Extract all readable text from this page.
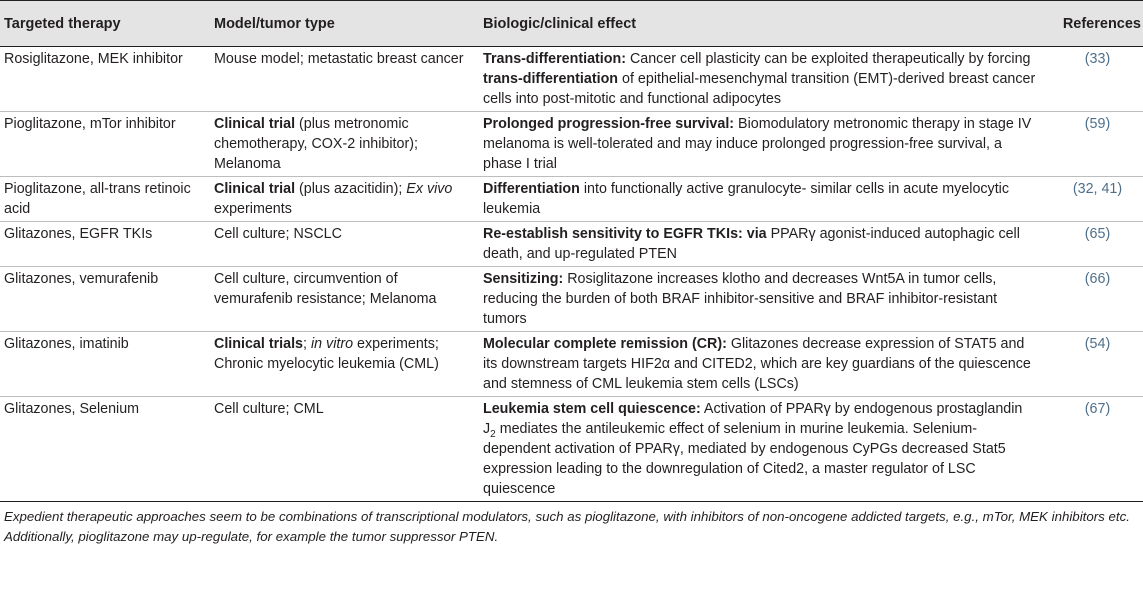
Targeted therapy	Model/tumor type	Biologic/clinical effect	References
Rosiglitazone, MEK inhibitor	Mouse model; metastatic breast cancer	Trans-differentiation: Cancer cell plasticity can be exploited therapeutically by forcing trans-differentiation of epithelial-mesenchymal transition (EMT)-derived breast cancer cells into post-mitotic and functional adipocytes	(33)
Pioglitazone, mTor inhibitor	Clinical trial (plus metronomic chemotherapy, COX-2 inhibitor); Melanoma	Prolonged progression-free survival: Biomodulatory metronomic therapy in stage IV melanoma is well-tolerated and may induce prolonged progression-free survival, a phase I trial	(59)
Pioglitazone, all-trans retinoic acid	Clinical trial (plus azacitidin); Ex vivo experiments	Differentiation into functionally active granulocyte- similar cells in acute myelocytic leukemia	(32, 41)
Glitazones, EGFR TKIs	Cell culture; NSCLC	Re-establish sensitivity to EGFR TKIs: via PPARγ agonist-induced autophagic cell death, and up-regulated PTEN	(65)
Glitazones, vemurafenib	Cell culture, circumvention of vemurafenib resistance; Melanoma	Sensitizing: Rosiglitazone increases klotho and decreases Wnt5A in tumor cells, reducing the burden of both BRAF inhibitor-sensitive and BRAF inhibitor-resistant tumors	(66)
Glitazones, imatinib	Clinical trials; in vitro experiments; Chronic myelocytic leukemia (CML)	Molecular complete remission (CR): Glitazones decrease expression of STAT5 and its downstream targets HIF2α and CITED2, which are key guardians of the quiescence and stemness of CML leukemia stem cells (LSCs)	(54)
Glitazones, Selenium	Cell culture; CML	Leukemia stem cell quiescence: Activation of PPARγ by endogenous prostaglandin $J_2$ mediates the antileukemic effect of selenium in murine leukemia. Selenium-dependent activation of PPARγ, mediated by endogenous CyPGs decreased Stat5 expression leading to the downregulation of Cited2, a master regulator of LSC quiescence	(67)
Expedient therapeutic approaches seem to be combinations of transcriptional modulators, such as pioglitazone, with inhibitors of non-oncogene addicted targets, e.g., mTor, MEK inhibitors etc. Additionally, pioglitazone may up-regulate, for example the tumor suppressor PTEN.
